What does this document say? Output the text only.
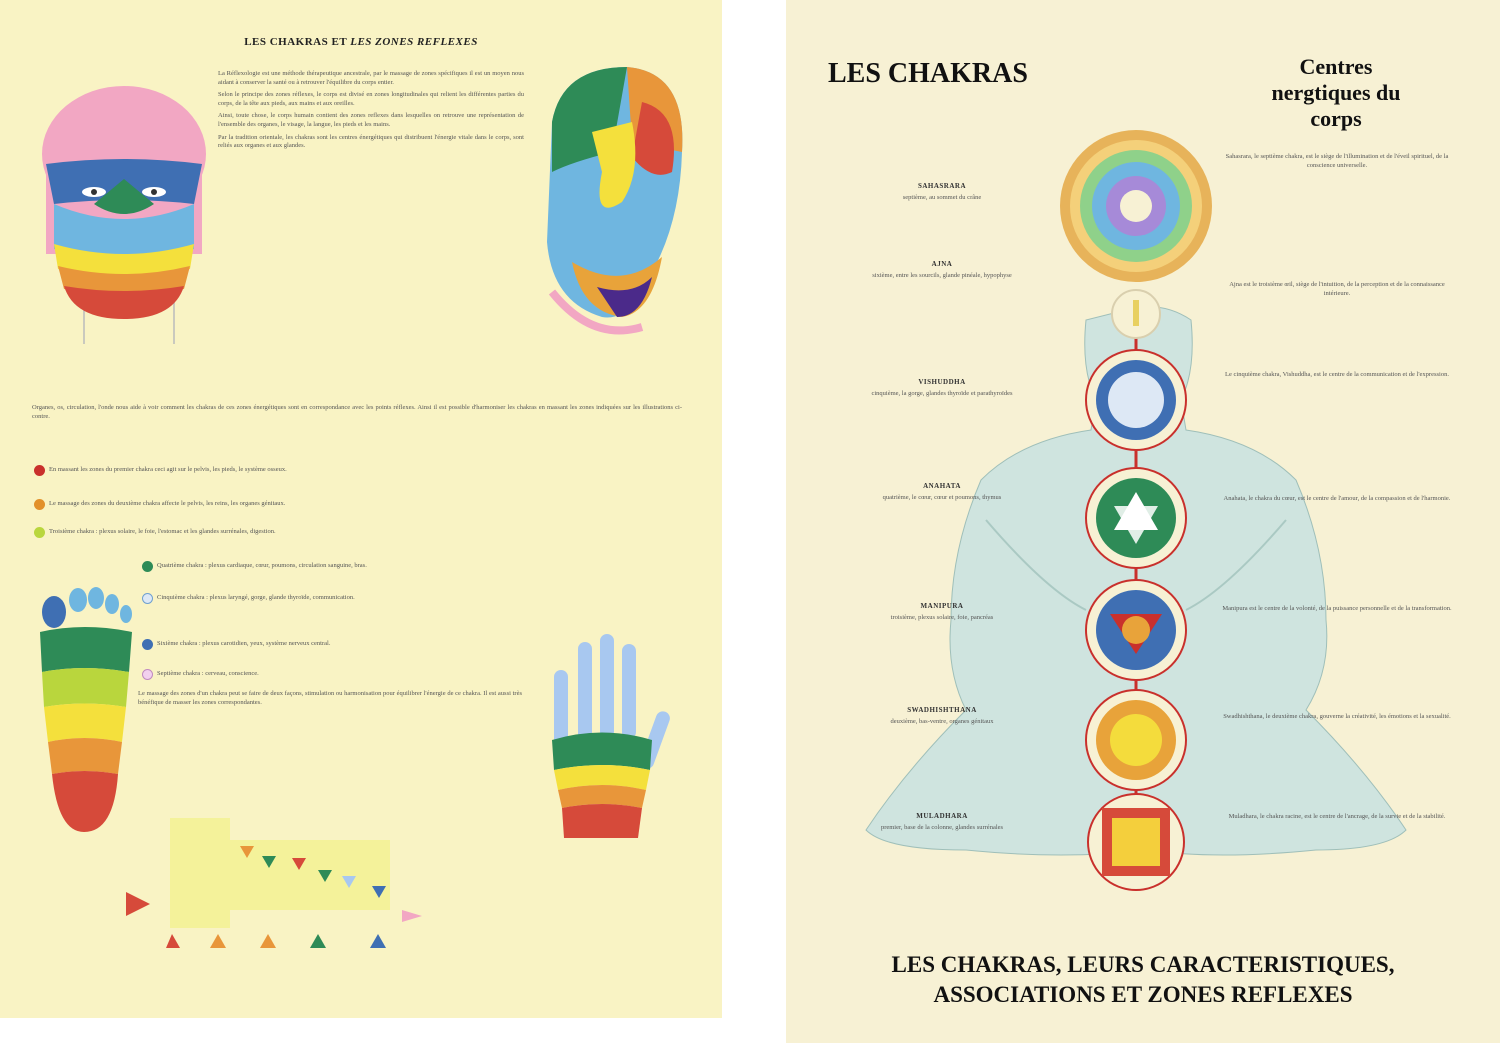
LES CHAKRAS ET LES ZONES REFLEXES

La Réflexologie est une méthode thérapeutique ancestrale, par le massage de zones spécifiques il est un moyen nous aidant à conserver la santé ou à retrouver l'équilibre du corps entier.

Selon le principe des zones réflexes, le corps est divisé en zones longitudinales qui relient les différentes parties du corps, de la tête aux pieds, aux mains et aux oreilles.

Ainsi, toute chose, le corps humain contient des zones reflexes dans lesquelles on retrouve une représentation de l'ensemble des organes, le visage, la langue, les pieds et les mains.

Par la tradition orientale, les chakras sont les centres énergétiques qui distribuent l'énergie vitale dans le corps, sont reliés aux organes et aux glandes.

Organes, os, circulation, l'onde nous aide à voir comment les chakras de ces zones énergétiques sont en correspondance avec les points réflexes. Ainsi il est possible d'harmoniser les chakras en massant les zones indiquées sur les illustrations ci-contre.
En massant les zones du premier chakra ceci agit sur le pelvis, les pieds, le système osseux.
Le massage des zones du deuxième chakra affecte le pelvis, les reins, les organes génitaux.
Troisième chakra : plexus solaire, le foie, l'estomac et les glandes surrénales, digestion.
Quatrième chakra : plexus cardiaque, cœur, poumons, circulation sanguine, bras.
Cinquième chakra : plexus laryngé, gorge, glande thyroïde, communication.
Sixième chakra : plexus carotidien, yeux, système nerveux central.
Septième chakra : cerveau, conscience.
Le massage des zones d'un chakra peut se faire de deux façons, stimulation ou harmonisation pour équilibrer l'énergie de ce chakra. Il est aussi très bénéfique de masser les zones correspondantes.
LES CHAKRAS	Centres
nergtiques du
corps
SAHASRARA
septième, au sommet du crâne
AJNA
sixième, entre les sourcils, glande pinéale, hypophyse
VISHUDDHA
cinquième, la gorge, glandes thyroïde et parathyroïdes
ANAHATA
quatrième, le cœur, cœur et poumons, thymus
MANIPURA
troisième, plexus solaire, foie, pancréas
SWADHISHTHANA
deuxième, bas-ventre, organes génitaux
MULADHARA
premier, base de la colonne, glandes surrénales
Sahasrara, le septième chakra, est le siège de l'illumination et de l'éveil spirituel, de la conscience universelle.
Ajna est le troisième œil, siège de l'intuition, de la perception et de la connaissance intérieure.
Le cinquième chakra, Vishuddha, est le centre de la communication et de l'expression.
Anahata, le chakra du cœur, est le centre de l'amour, de la compassion et de l'harmonie.
Manipura est le centre de la volonté, de la puissance personnelle et de la transformation.
Swadhishthana, le deuxième chakra, gouverne la créativité, les émotions et la sexualité.
Muladhara, le chakra racine, est le centre de l'ancrage, de la survie et de la stabilité.
LES CHAKRAS, LEURS CARACTERISTIQUES,
ASSOCIATIONS ET ZONES REFLEXES
